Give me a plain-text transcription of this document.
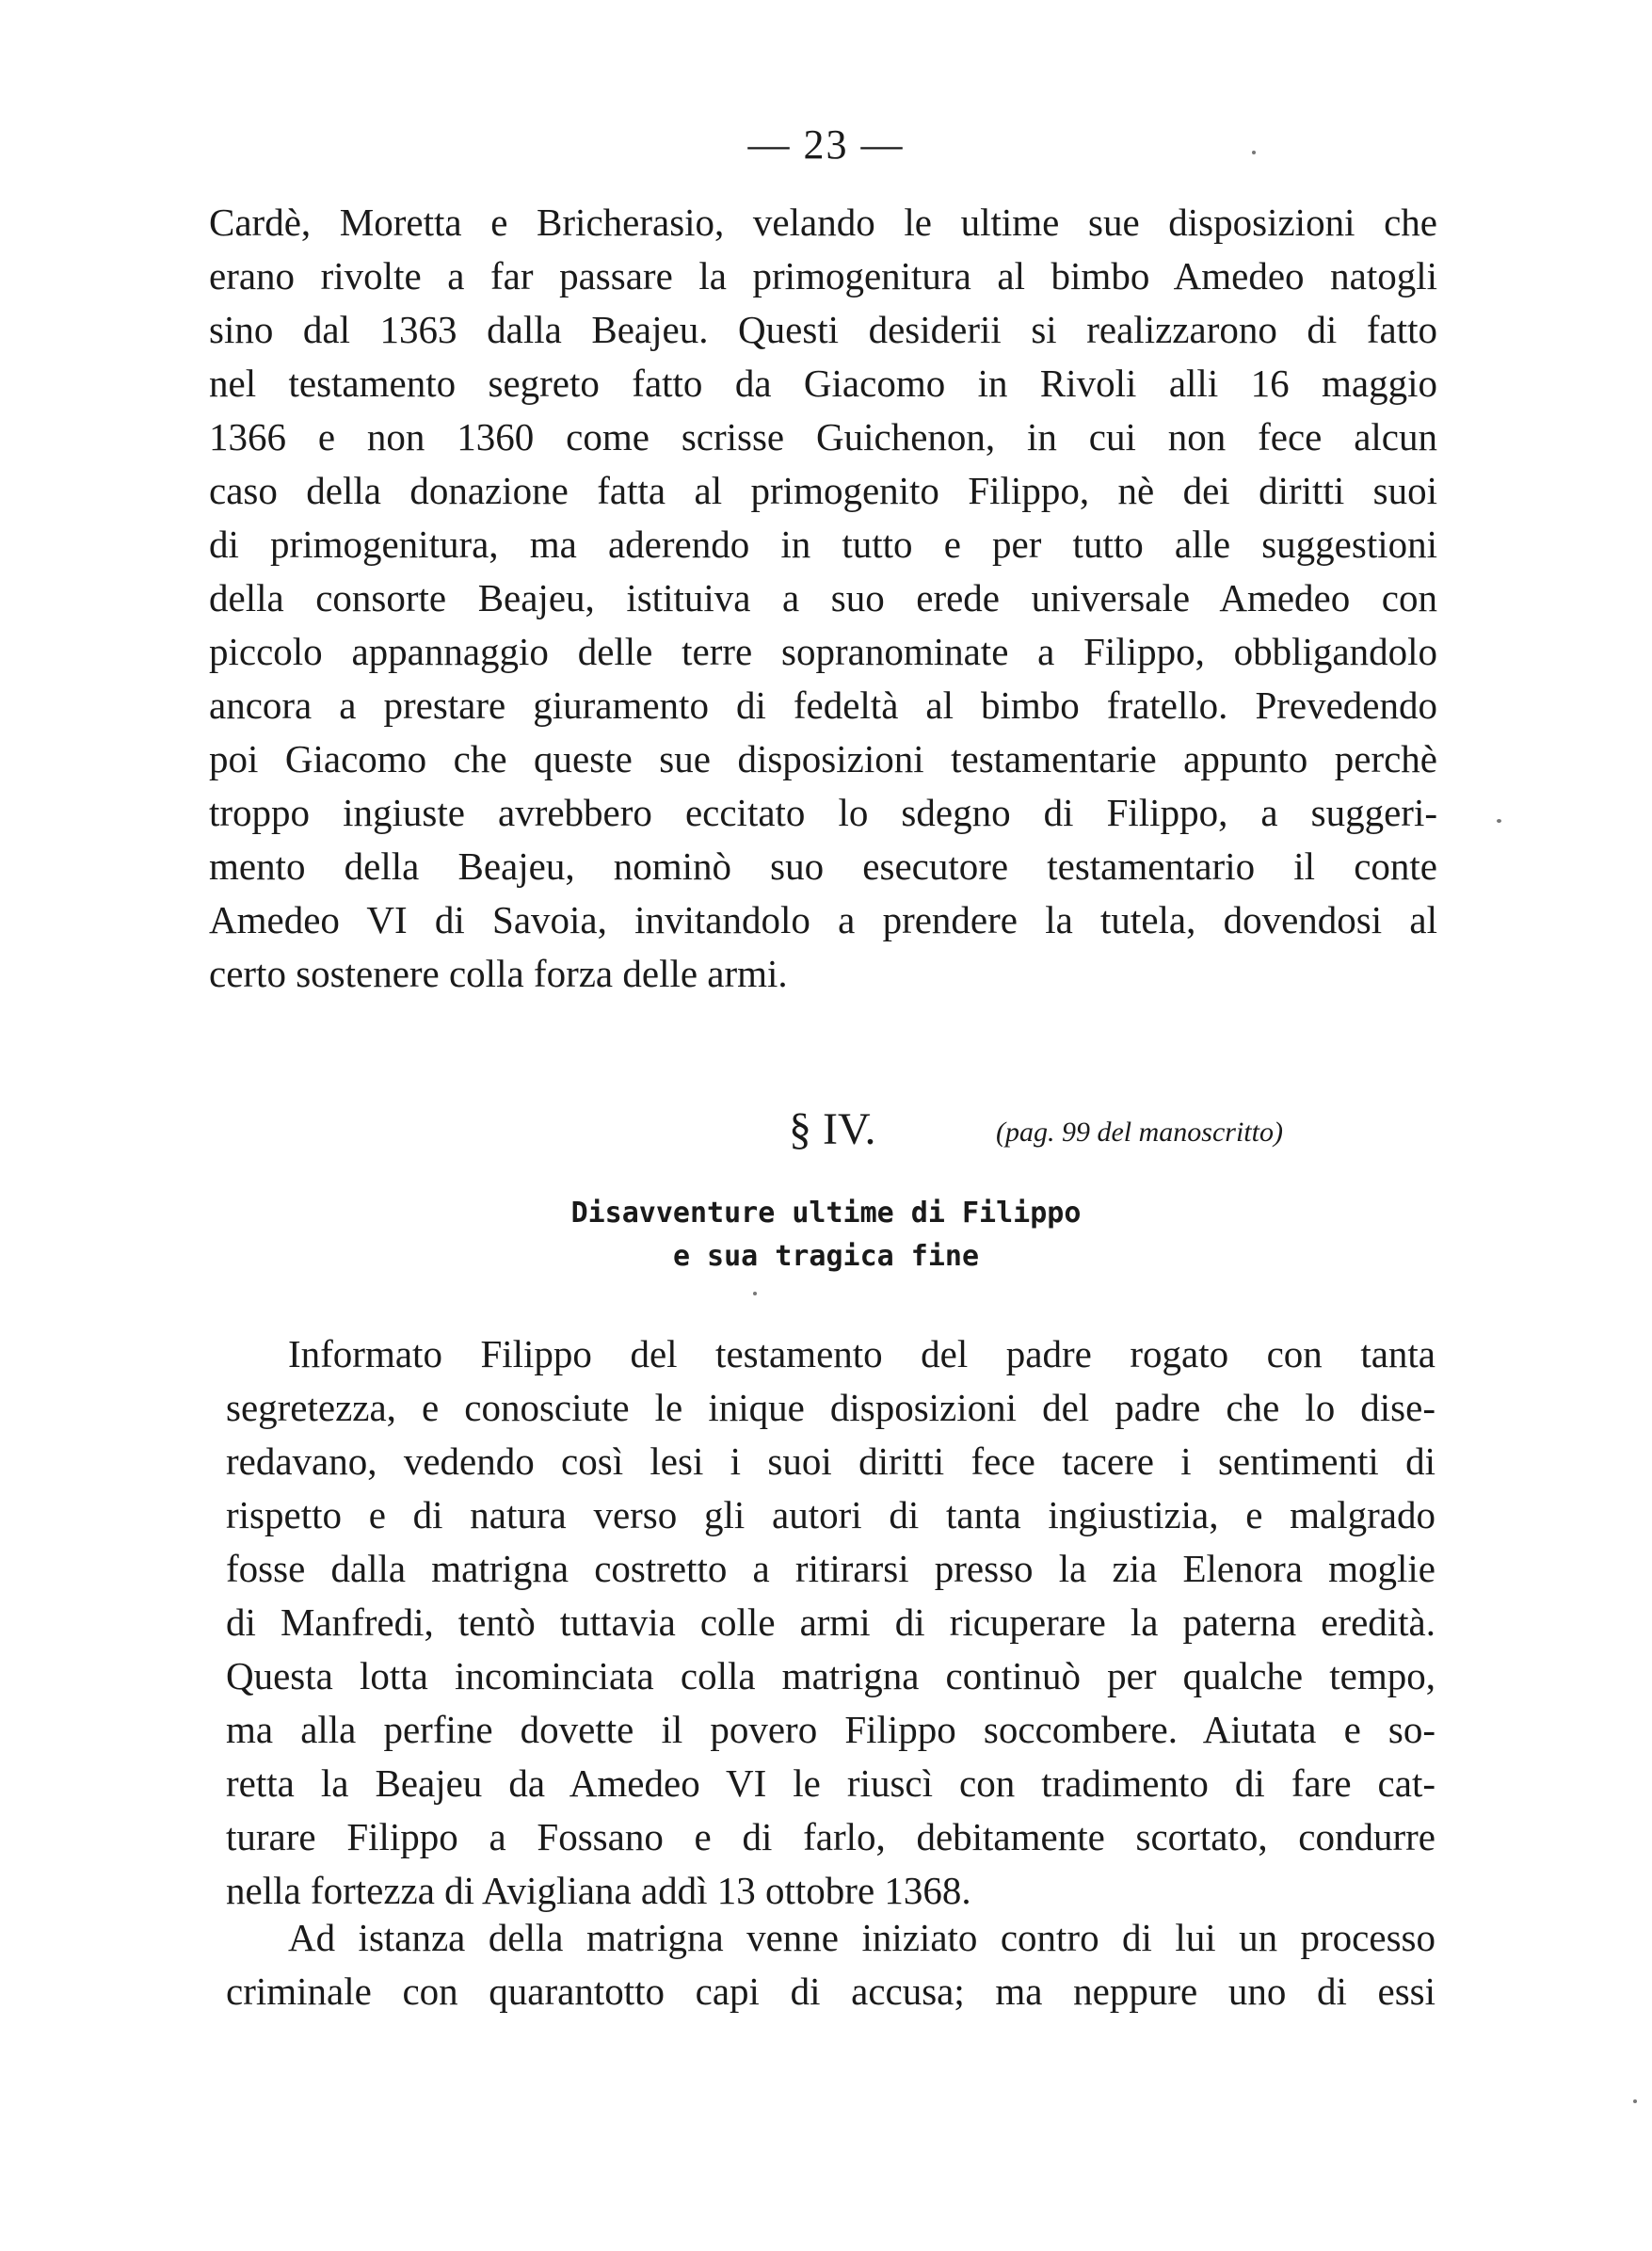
— 23 —
Cardè, Moretta e Bricherasio, velando le ultime sue disposizioni che
erano rivolte a far passare la primogenitura al bimbo Amedeo natogli
sino dal 1363 dalla Beajeu. Questi desiderii si realizzarono di fatto
nel testamento segreto fatto da Giacomo in Rivoli alli 16 maggio
1366 e non 1360 come scrisse Guichenon, in cui non fece alcun
caso della donazione fatta al primogenito Filippo, nè dei diritti suoi
di primogenitura, ma aderendo in tutto e per tutto alle suggestioni
della consorte Beajeu, istituiva a suo erede universale Amedeo con
piccolo appannaggio delle terre sopranominate a Filippo, obbligandolo
ancora a prestare giuramento di fedeltà al bimbo fratello. Prevedendo
poi Giacomo che queste sue disposizioni testamentarie appunto perchè
troppo ingiuste avrebbero eccitato lo sdegno di Filippo, a suggeri-
mento della Beajeu, nominò suo esecutore testamentario il conte
Amedeo VI di Savoia, invitandolo a prendere la tutela, dovendosi al
certo sostenere colla forza delle armi.
§ IV.	(pag. 99 del manoscritto)
Disavventure ultime di Filippo
e sua tragica fine
Informato Filippo del testamento del padre rogato con tanta
segretezza, e conosciute le inique disposizioni del padre che lo dise-
redavano, vedendo così lesi i suoi diritti fece tacere i sentimenti di
rispetto e di natura verso gli autori di tanta ingiustizia, e malgrado
fosse dalla matrigna costretto a ritirarsi presso la zia Elenora moglie
di Manfredi, tentò tuttavia colle armi di ricuperare la paterna eredità.
Questa lotta incominciata colla matrigna continuò per qualche tempo,
ma alla perfine dovette il povero Filippo soccombere. Aiutata e so-
retta la Beajeu da Amedeo VI le riuscì con tradimento di fare cat-
turare Filippo a Fossano e di farlo, debitamente scortato, condurre
nella fortezza di Avigliana addì 13 ottobre 1368.
Ad istanza della matrigna venne iniziato contro di lui un processo
criminale con quarantotto capi di accusa; ma neppure uno di essi
